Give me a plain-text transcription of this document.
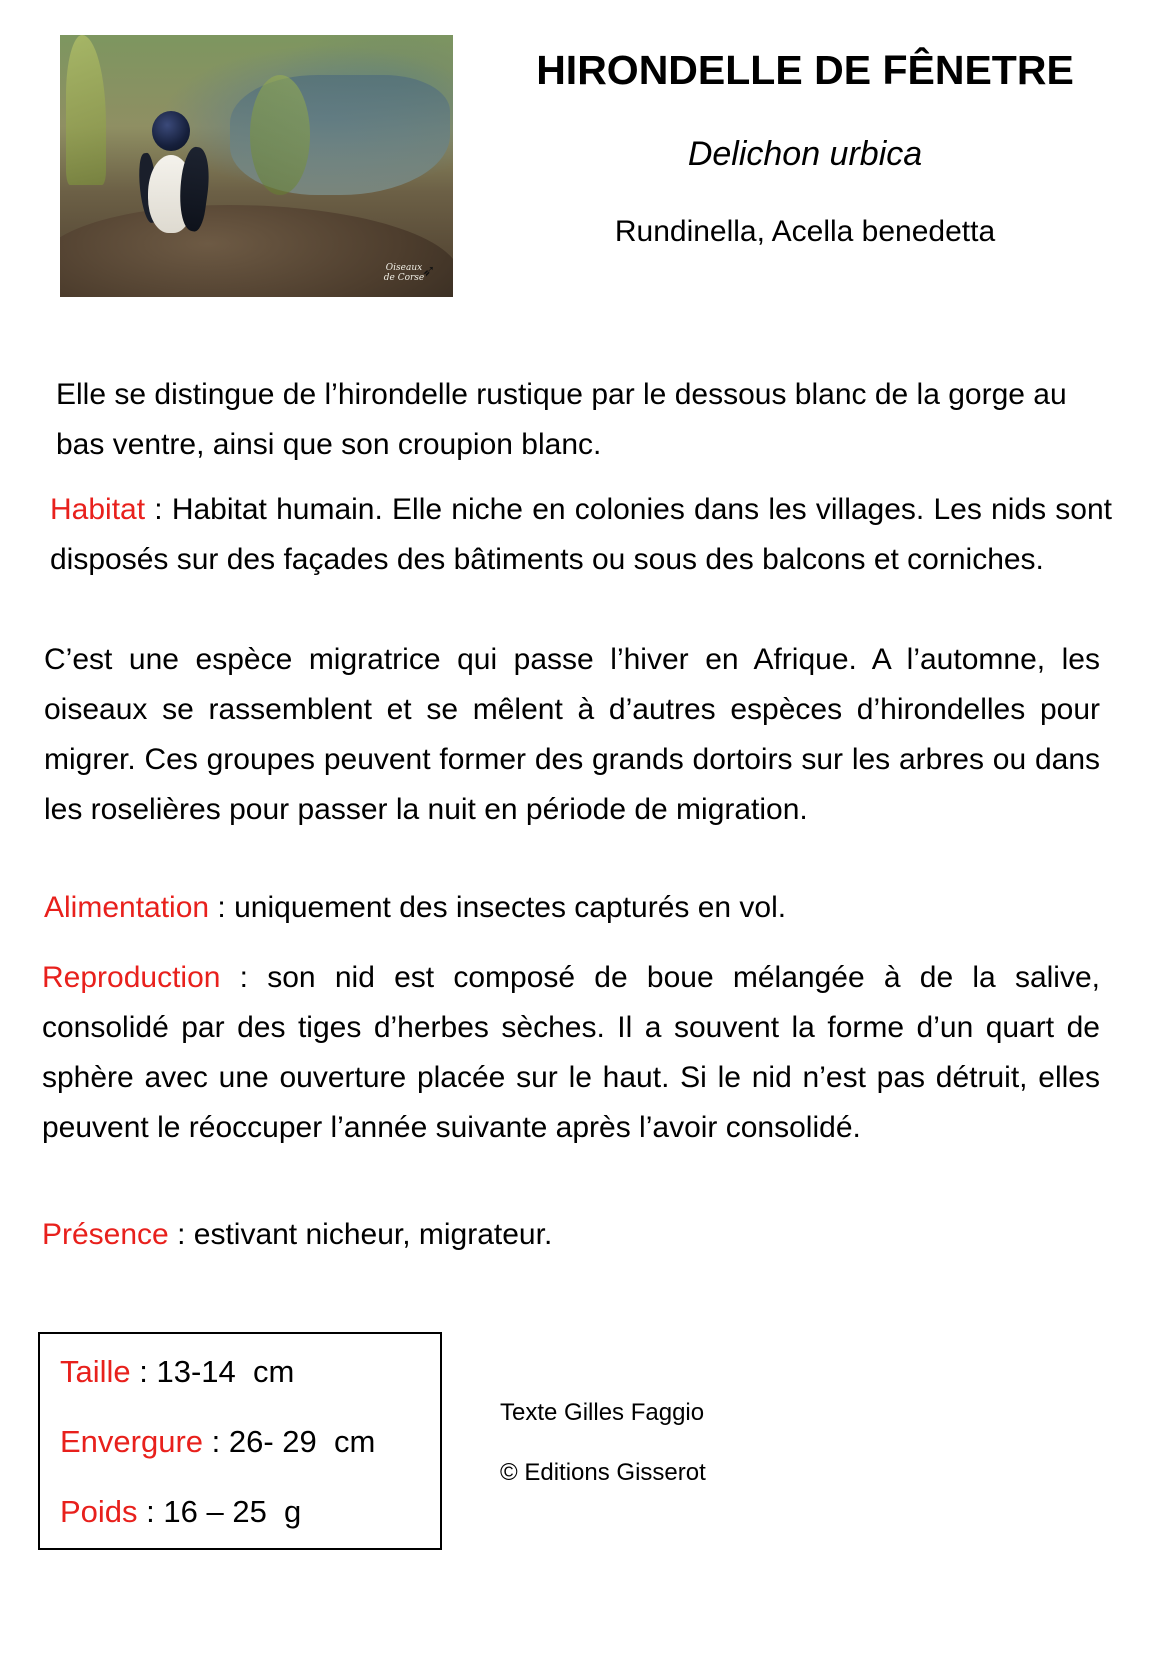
Oiseaux de Corse
➶
HIRONDELLE DE FÊNETRE
Delichon urbica
Rundinella, Acella benedetta

Elle se distingue de l’hirondelle rustique par le dessous blanc de la gorge au bas ventre, ainsi que son croupion blanc.

Habitat : Habitat humain. Elle niche en colonies dans les villages. Les nids sont disposés sur des façades des bâtiments ou sous des balcons et corniches.

C’est une espèce migratrice qui passe l’hiver en Afrique. A l’automne, les oiseaux se rassemblent et se mêlent à d’autres espèces d’hirondelles pour migrer. Ces groupes peuvent former des grands dortoirs sur les arbres ou dans les roselières pour passer la nuit en période de migration.

Alimentation : uniquement des insectes capturés en vol.

Reproduction : son nid est composé de boue mélangée à de la salive, consolidé par des tiges d’herbes sèches. Il a souvent la forme d’un quart de sphère avec une ouverture placée sur le haut. Si le nid n’est pas détruit, elles peuvent le réoccuper l’année suivante après l’avoir consolidé.

Présence : estivant nicheur, migrateur.

Taille : 13-14  cm
Envergure : 26- 29  cm
Poids : 16 – 25  g
Texte Gilles Faggio
© Editions Gisserot
